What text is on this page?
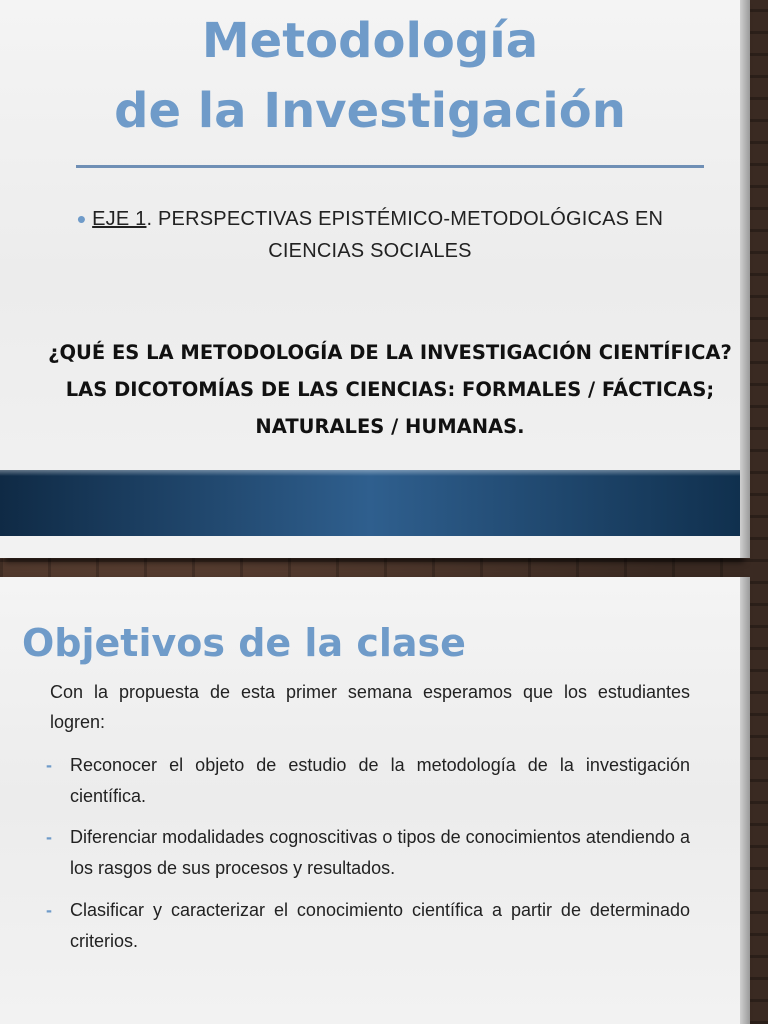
Metodología
de la Investigación
• EJE 1. PERSPECTIVAS EPISTÉMICO-METODOLÓGICAS EN
CIENCIAS SOCIALES
¿QUÉ ES LA METODOLOGÍA DE LA INVESTIGACIÓN CIENTÍFICA?
LAS DICOTOMÍAS DE LAS CIENCIAS: FORMALES / FÁCTICAS;
NATURALES / HUMANAS.
Objetivos de la clase

Con la propuesta de esta primer semana esperamos que los estudiantes logren:

-	Reconocer el objeto de estudio de la metodología de la investigación científica.
-	Diferenciar modalidades cognoscitivas o tipos de conocimientos atendiendo a los rasgos de sus procesos y resultados.
-	Clasificar y caracterizar el conocimiento científica a partir de determinado criterios.
